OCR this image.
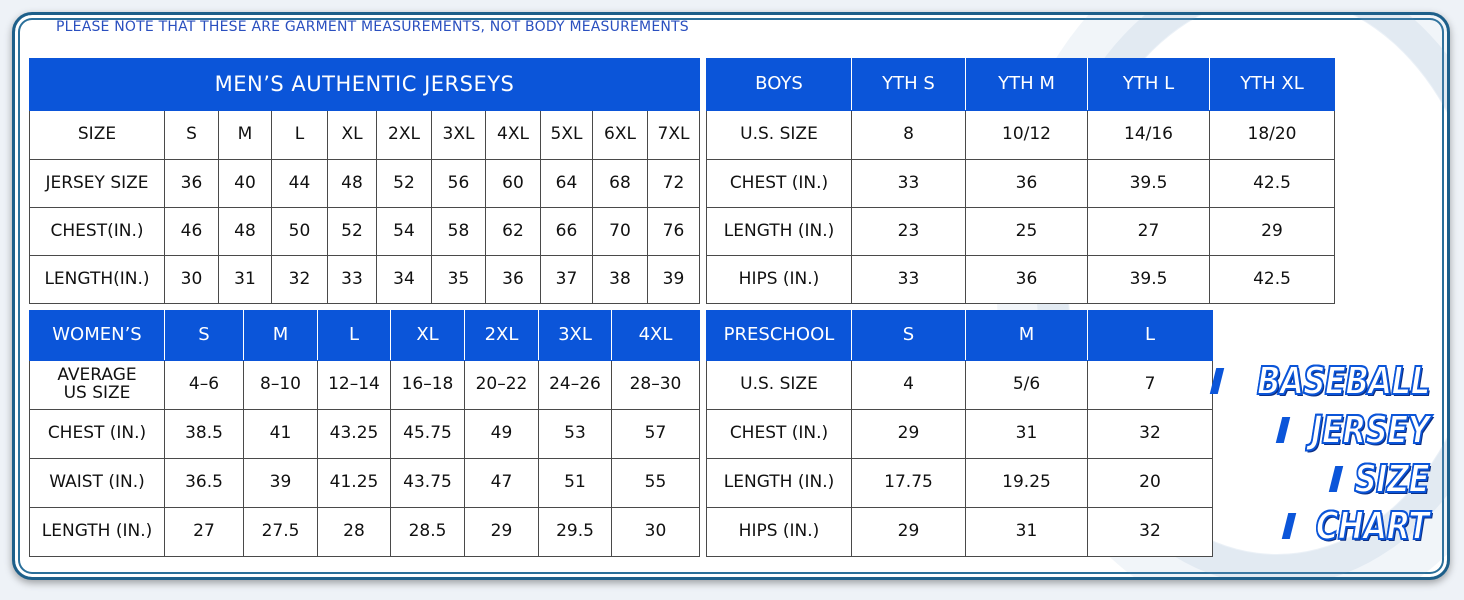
PLEASE NOTE THAT THESE ARE GARMENT MEASUREMENTS, NOT BODY MEASUREMENTS
MEN’S AUTHENTIC JERSEYS										
SIZE	S	M	L	XL	2XL	3XL	4XL	5XL	6XL	7XL
JERSEY SIZE	36	40	44	48	52	56	60	64	68	72
CHEST(IN.)	46	48	50	52	54	58	62	66	70	76
LENGTH(IN.)	30	31	32	33	34	35	36	37	38	39
BOYS	YTH S	YTH M	YTH L	YTH XL
U.S. SIZE	8	10/12	14/16	18/20
CHEST (IN.)	33	36	39.5	42.5
LENGTH (IN.)	23	25	27	29
HIPS (IN.)	33	36	39.5	42.5
WOMEN’S	S	M	L	XL	2XL	3XL	4XL

AVERAGE
US SIZE	4–6	8–10	12–14	16–18	20–22	24–26	28–30
CHEST (IN.)	38.5	41	43.25	45.75	49	53	57
WAIST (IN.)	36.5	39	41.25	43.75	47	51	55
LENGTH (IN.)	27	27.5	28	28.5	29	29.5	30
PRESCHOOL	S	M	L
U.S. SIZE	4	5/6	7
CHEST (IN.)	29	31	32
LENGTH (IN.)	17.75	19.25	20
HIPS (IN.)	29	31	32
BASEBALL
JERSEY
SIZE
CHART
